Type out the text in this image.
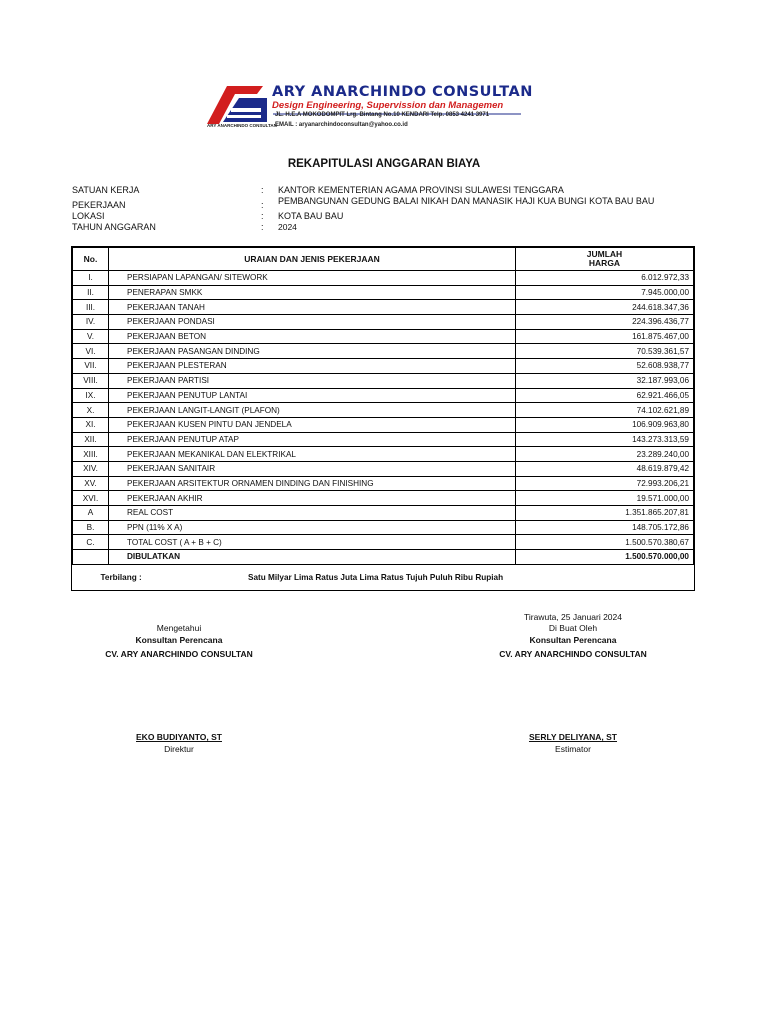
ARY ANARCHINDO CONSULTAN
Design Engineering, Supervission dan Managemen
JL. H.E.A MOKODOMPIT Lrg. Bintang No.10 KENDARI Telp. 0853 4241 3971
EMAIL : aryanarchindoconsultan@yahoo.co.id
ARY ANARCHINDO CONSULTAN
REKAPITULASI ANGGARAN BIAYA
SATUAN KERJA	: KANTOR KEMENTERIAN AGAMA PROVINSI SULAWESI TENGGARA
PEKERJAAN	: PEMBANGUNAN GEDUNG BALAI NIKAH DAN MANASIK HAJI KUA BUNGI KOTA BAU BAU
LOKASI	: KOTA BAU BAU
TAHUN ANGGARAN	: 2024
No.	URAIAN DAN JENIS PEKERJAAN	JUMLAH
HARGA

I.	PERSIAPAN LAPANGAN/ SITEWORK	6.012.972,33
II.	PENERAPAN SMKK	7.945.000,00
III.	PEKERJAAN TANAH	244.618.347,36
IV.	PEKERJAAN PONDASI	224.396.436,77
V.	PEKERJAAN BETON	161.875.467,00
VI.	PEKERJAAN PASANGAN DINDING	70.539.361,57
VII.	PEKERJAAN PLESTERAN	52.608.938,77
VIII.	PEKERJAAN PARTISI	32.187.993,06
IX.	PEKERJAAN PENUTUP LANTAI	62.921.466,05
X.	PEKERJAAN LANGIT-LANGIT (PLAFON)	74.102.621,89
XI.	PEKERJAAN KUSEN PINTU DAN JENDELA	106.909.963,80
XII.	PEKERJAAN PENUTUP ATAP	143.273.313,59
XIII.	PEKERJAAN MEKANIKAL DAN ELEKTRIKAL	23.289.240,00
XIV.	PEKERJAAN SANITAIR	48.619.879,42
XV.	PEKERJAAN ARSITEKTUR ORNAMEN DINDING DAN FINISHING	72.993.206,21
XVI.	PEKERJAAN AKHIR	19.571.000,00
A	REAL COST	1.351.865.207,81
B.	PPN (11% X A)	148.705.172,86
C.	TOTAL COST ( A + B + C)	1.500.570.380,67
	DIBULATKAN	1.500.570.000,00
Terbilang : Satu Milyar Lima Ratus Juta Lima Ratus Tujuh Puluh Ribu Rupiah		
Tirawuta, 25 Januari 2024
Mengetahui	Di Buat Oleh
Konsultan Perencana	Konsultan Perencana
CV. ARY ANARCHINDO CONSULTAN	CV. ARY ANARCHINDO CONSULTAN
EKO BUDIYANTO, ST	SERLY DELIYANA, ST
Direktur	Estimator
